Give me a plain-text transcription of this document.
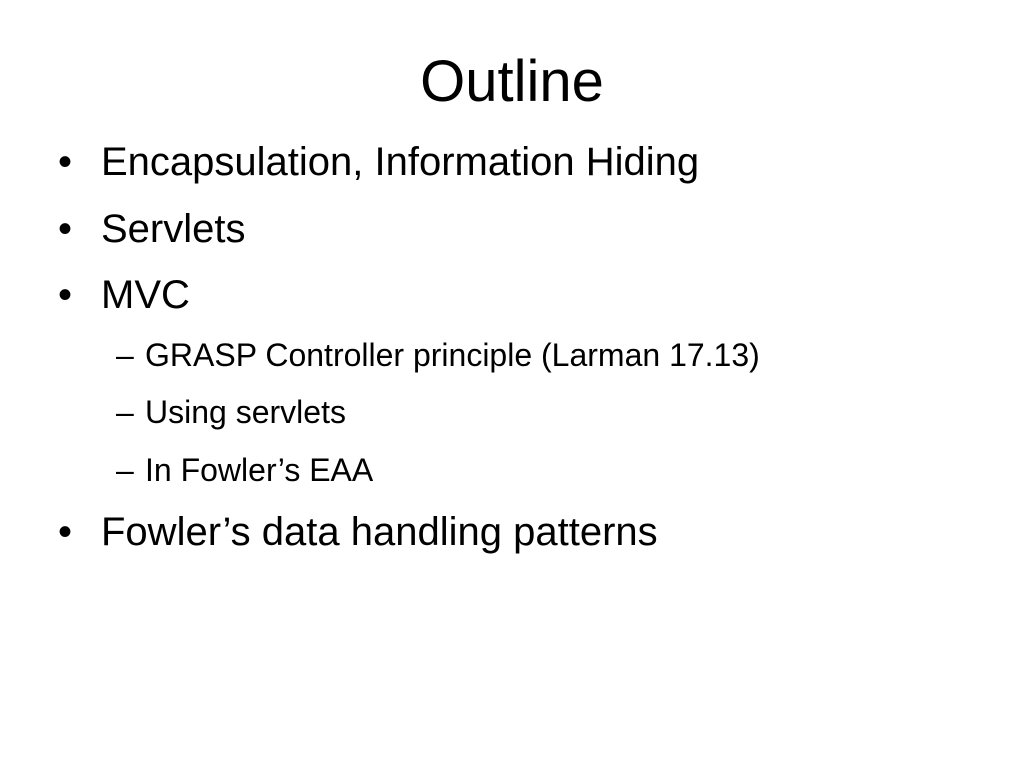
Outline
• Encapsulation, Information Hiding
• Servlets
• MVC
– GRASP Controller principle (Larman 17.13)
– Using servlets
– In Fowler’s EAA
• Fowler’s data handling patterns
